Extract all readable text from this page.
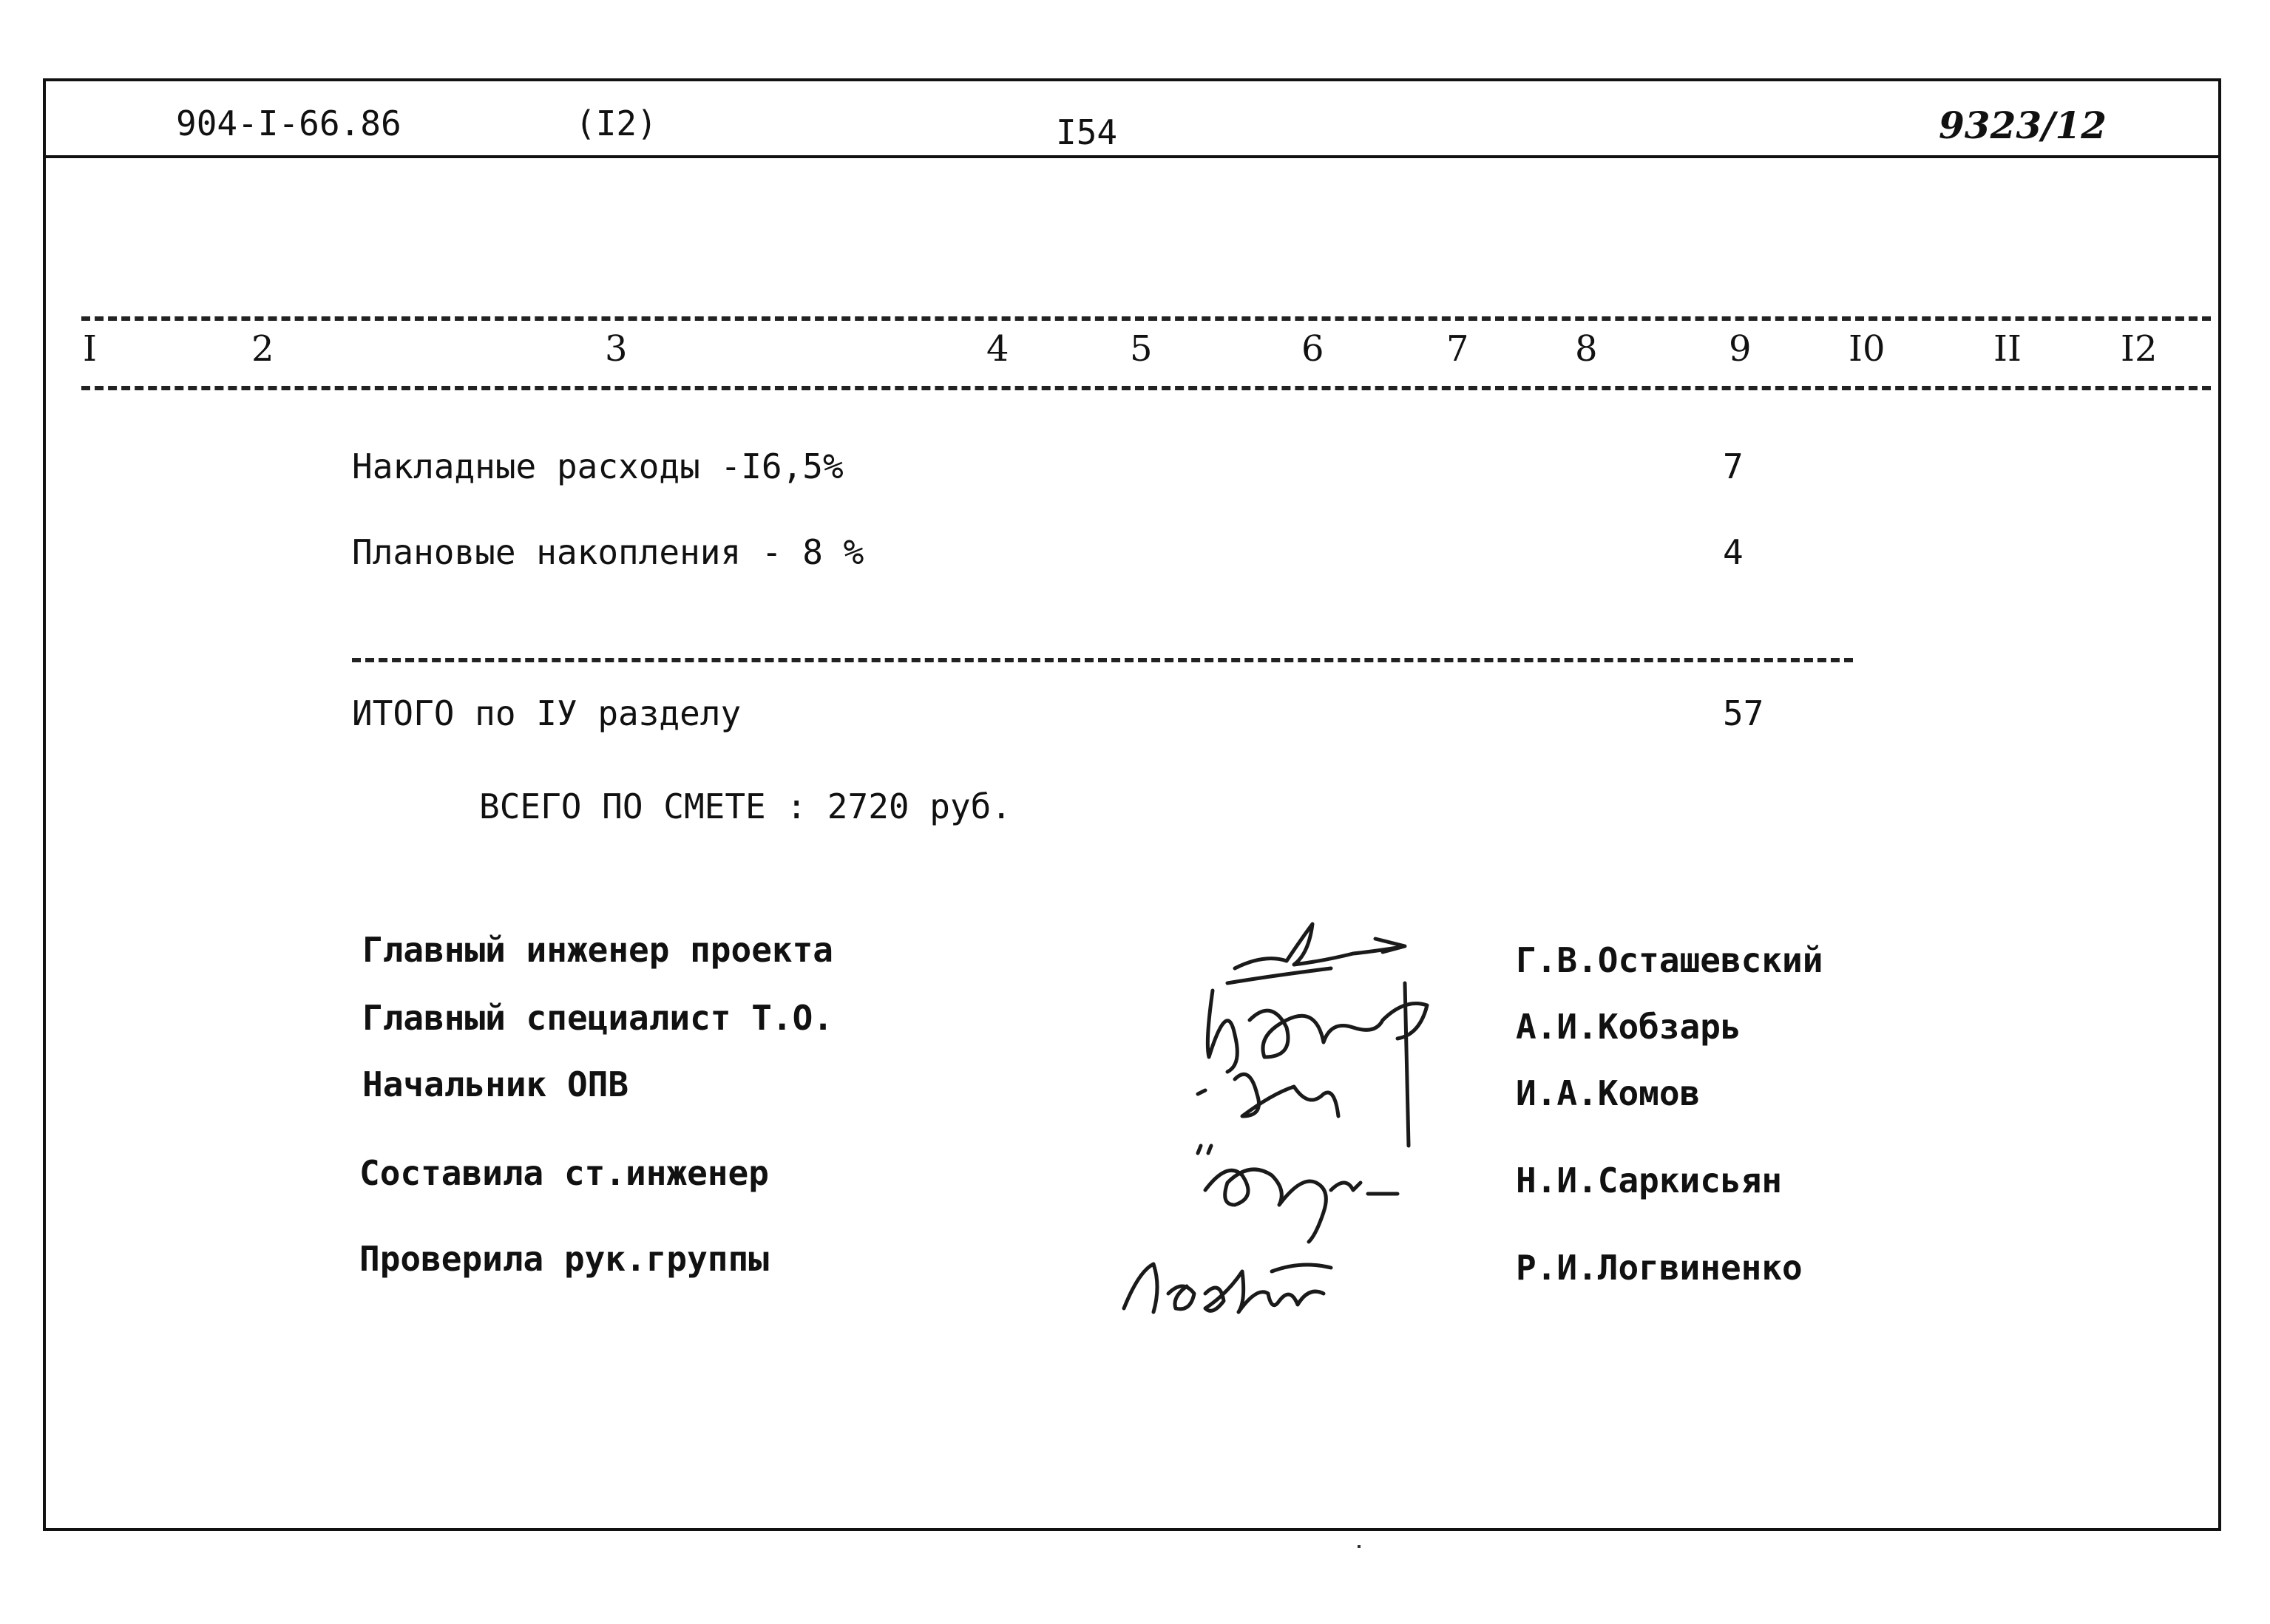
904-I-66.86	(I2)	I54	9323/12
I	2	3	4	5	6	7	8	9	I0	II	I2
Накладные расходы -I6,5%	7
Плановые накопления - 8 %	4
ИТОГО по IУ разделу	57
ВСЕГО ПО СМЕТЕ : 2720 руб.
Главный инженер проекта	Г.В.Осташевский
Главный специалист Т.О.	А.И.Кобзарь
Начальник ОПВ	И.А.Комов
Составила ст.инженер	Н.И.Саркисьян
Проверила рук.группы	Р.И.Логвиненко
